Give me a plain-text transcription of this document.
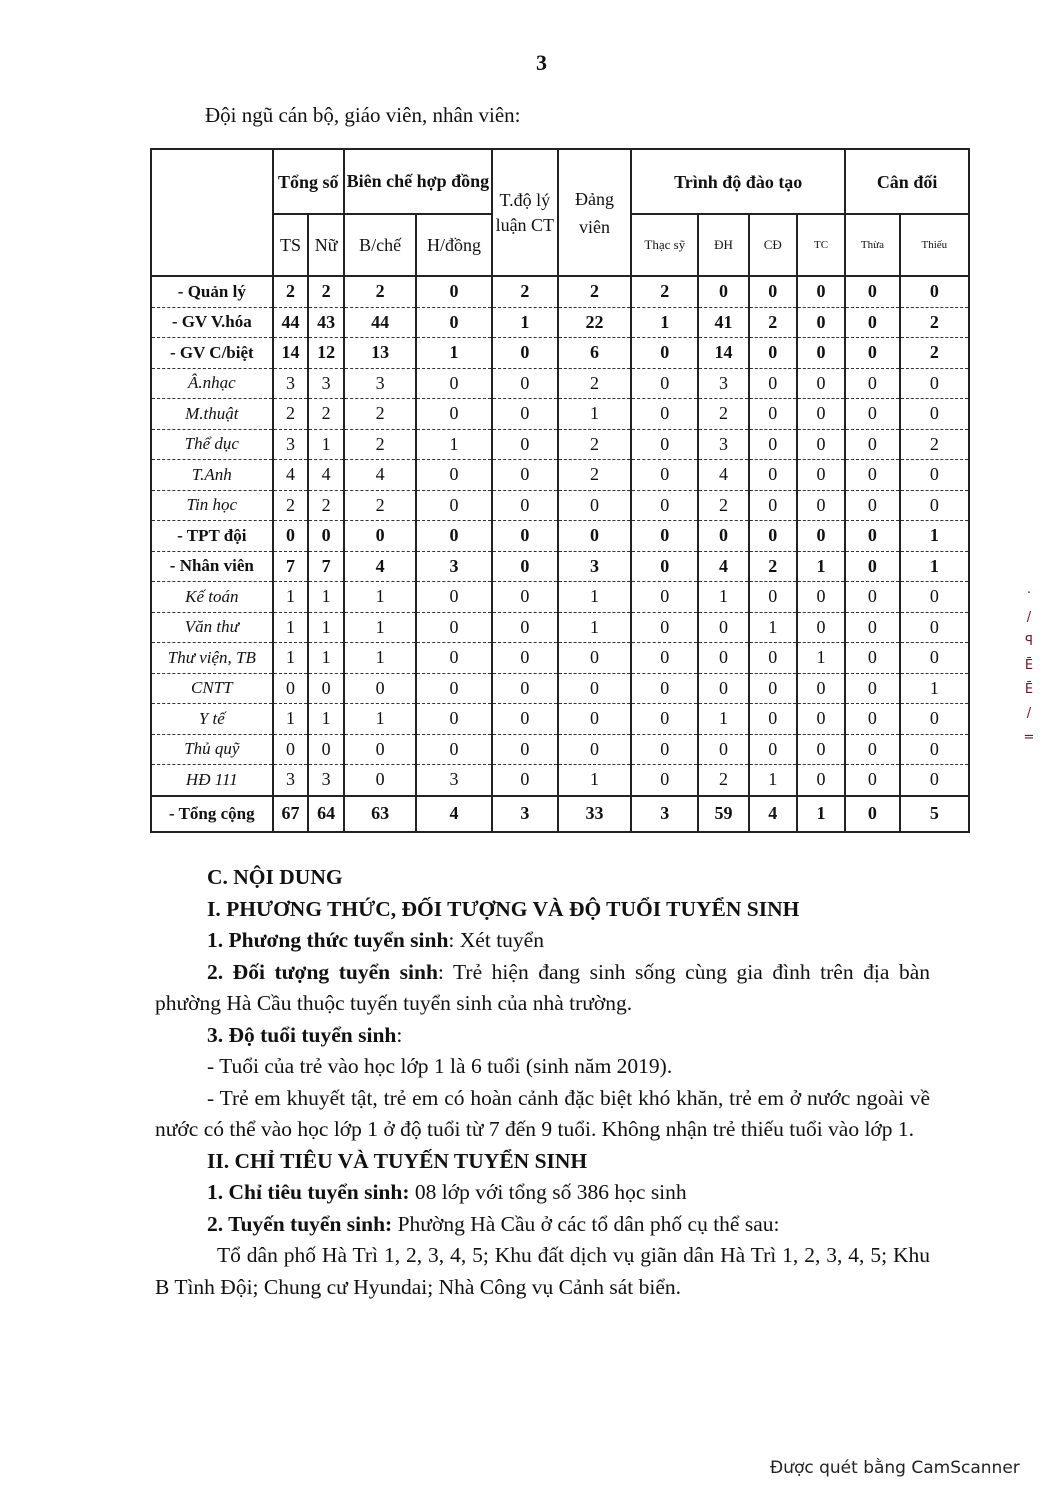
3
Đội ngũ cán bộ, giáo viên, nhân viên:
	Tổng số		Biên chế hợp đồng		T.độ lý luận CT	Đảng viên	Trình độ đào tạo				Cân đối	
	TS	Nữ	B/chế	H/đồng			Thạc sỹ	ĐH	CĐ	TC	Thừa	Thiếu
- Quản lý	2	2	2	0	2	2	2	0	0	0	0	0
- GV V.hóa	44	43	44	0	1	22	1	41	2	0	0	2
- GV C/biệt	14	12	13	1	0	6	0	14	0	0	0	2
Â.nhạc	3	3	3	0	0	2	0	3	0	0	0	0
M.thuật	2	2	2	0	0	1	0	2	0	0	0	0
Thể dục	3	1	2	1	0	2	0	3	0	0	0	2
T.Anh	4	4	4	0	0	2	0	4	0	0	0	0
Tin học	2	2	2	0	0	0	0	2	0	0	0	0
- TPT đội	0	0	0	0	0	0	0	0	0	0	0	1
- Nhân viên	7	7	4	3	0	3	0	4	2	1	0	1
Kế toán	1	1	1	0	0	1	0	1	0	0	0	0
Văn thư	1	1	1	0	0	1	0	0	1	0	0	0
Thư viện, TB	1	1	1	0	0	0	0	0	0	1	0	0
CNTT	0	0	0	0	0	0	0	0	0	0	0	1
Y tế	1	1	1	0	0	0	0	1	0	0	0	0
Thủ quỹ	0	0	0	0	0	0	0	0	0	0	0	0
HĐ 111	3	3	0	3	0	1	0	2	1	0	0	0
- Tổng cộng	67	64	63	4	3	33	3	59	4	1	0	5

C. NỘI DUNG

I. PHƯƠNG THỨC, ĐỐI TƯỢNG VÀ ĐỘ TUỔI TUYỂN SINH

1. Phương thức tuyển sinh: Xét tuyển

2. Đối tượng tuyển sinh: Trẻ hiện đang sinh sống cùng gia đình trên địa bàn phường Hà Cầu thuộc tuyến tuyển sinh của nhà trường.

3. Độ tuổi tuyển sinh:

- Tuổi của trẻ vào học lớp 1 là 6 tuổi (sinh năm 2019).

- Trẻ em khuyết tật, trẻ em có hoàn cảnh đặc biệt khó khăn, trẻ em ở nước ngoài về nước có thể vào học lớp 1 ở độ tuổi từ 7 đến 9 tuổi. Không nhận trẻ thiếu tuổi vào lớp 1.

II. CHỈ TIÊU VÀ TUYẾN TUYỂN SINH

1. Chỉ tiêu tuyển sinh: 08 lớp với tổng số 386 học sinh

2. Tuyến tuyển sinh: Phường Hà Cầu ở các tổ dân phố cụ thể sau:

Tổ dân phố Hà Trì 1, 2, 3, 4, 5; Khu đất dịch vụ giãn dân Hà Trì 1, 2, 3, 4, 5; Khu B Tình Đội; Chung cư Hyundai; Nhà Công vụ Cảnh sát biển.

·
/
ꟼ
Ē
Ē
/
=
Được quét bằng CamScanner
